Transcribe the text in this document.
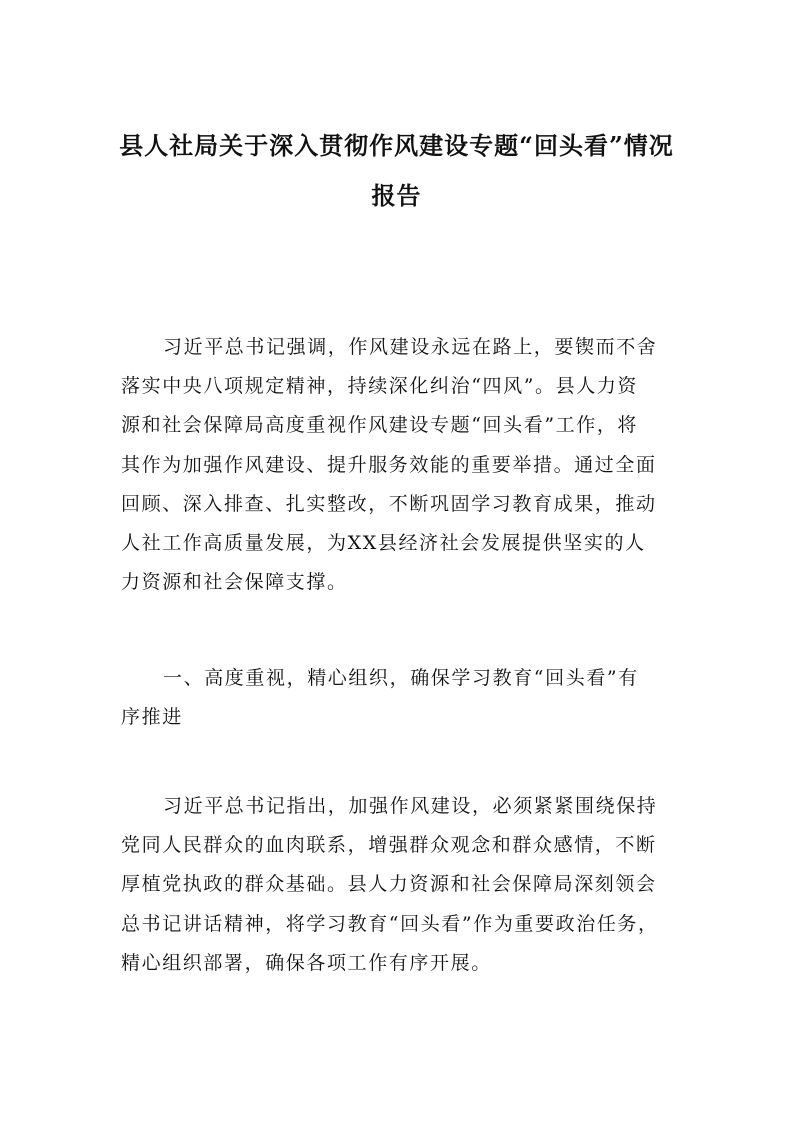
县人社局关于深入贯彻作风建设专题“回头看”情况
报告
习近平总书记强调，作风建设永远在路上，要锲而不舍
落实中央八项规定精神，持续深化纠治“四风”。县人力资
源和社会保障局高度重视作风建设专题“回头看”工作，将
其作为加强作风建设、提升服务效能的重要举措。通过全面
回顾、深入排查、扎实整改，不断巩固学习教育成果，推动
人社工作高质量发展，为XX县经济社会发展提供坚实的人
力资源和社会保障支撑。
一、高度重视，精心组织，确保学习教育“回头看”有
序推进
习近平总书记指出，加强作风建设，必须紧紧围绕保持
党同人民群众的血肉联系，增强群众观念和群众感情，不断
厚植党执政的群众基础。县人力资源和社会保障局深刻领会
总书记讲话精神，将学习教育“回头看”作为重要政治任务，
精心组织部署，确保各项工作有序开展。
